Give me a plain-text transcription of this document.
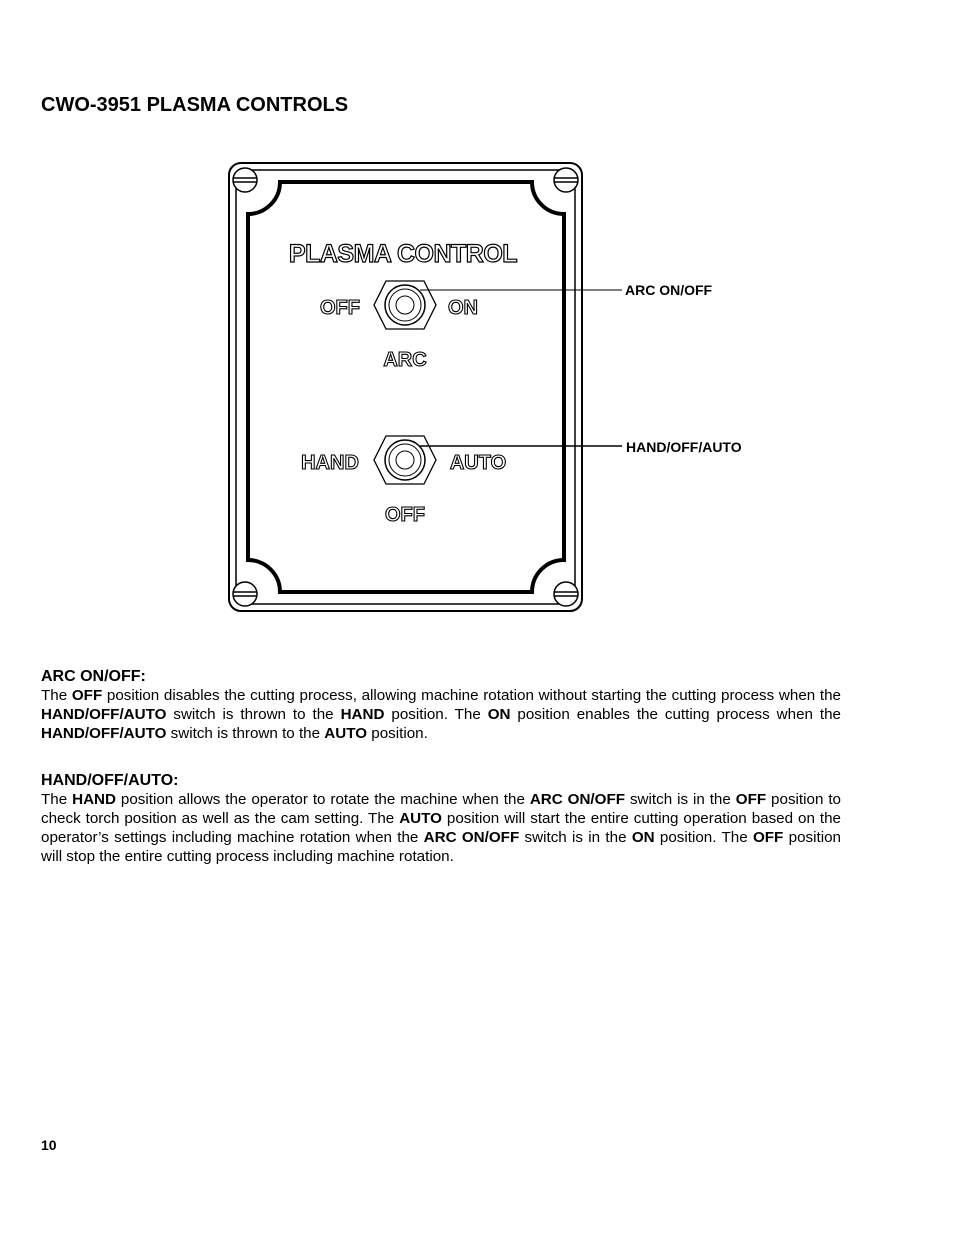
CWO-3951 PLASMA CONTROLS
PLASMA CONTROL
OFF	ON
ARC
HAND	AUTO
OFF
ARC ON/OFF
HAND/OFF/AUTO
ARC ON/OFF:

The OFF position disables the cutting process, allowing machine rotation without starting the cutting process when the HAND/OFF/AUTO switch is thrown to the HAND position. The ON position enables the cutting process when the HAND/OFF/AUTO switch is thrown to the AUTO position.

HAND/OFF/AUTO:

The HAND position allows the operator to rotate the machine when the ARC ON/OFF switch is in the OFF position to check torch position as well as the cam setting. The AUTO position will start the entire cutting operation based on the operator’s settings including machine rotation when the ARC ON/OFF switch is in the ON position. The OFF position will stop the entire cutting process including machine rotation.

10
